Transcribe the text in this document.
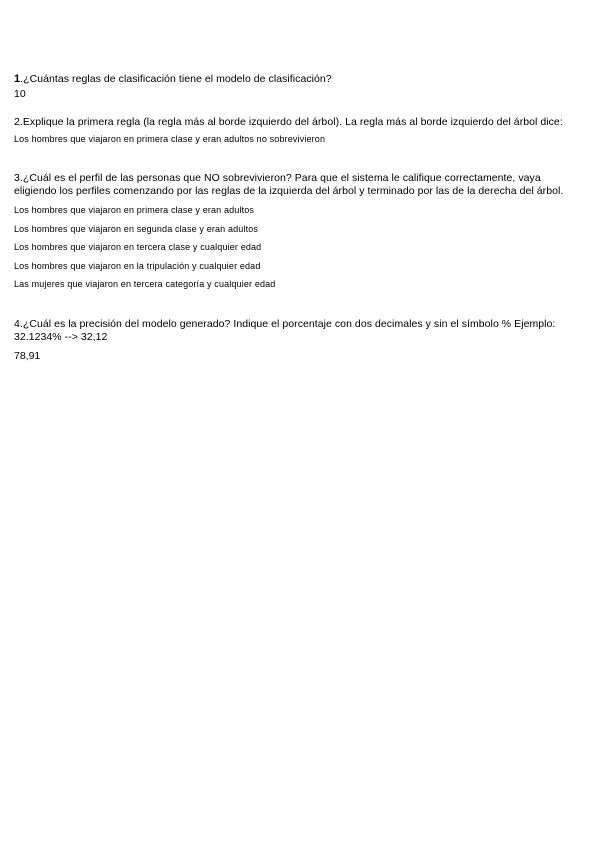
1.¿Cuántas reglas de clasificación tiene el modelo de clasificación?
10
2.Explique la primera regla (la regla más al borde izquierdo del árbol). La regla más al borde izquierdo del árbol dice:
Los hombres que viajaron en primera clase y eran adultos no sobrevivieron
3.¿Cuál es el perfil de las personas que NO sobrevivieron? Para que el sistema le califique correctamente, vaya eligiendo los perfiles comenzando por las reglas de la izquierda del árbol y terminado por las de la derecha del árbol.
Los hombres que viajaron en primera clase y eran adultos
Los hombres que viajaron en segunda clase y eran adultos
Los hombres que viajaron en tercera clase y cualquier edad
Los hombres que viajaron en la tripulación y cualquier edad
Las mujeres que viajaron en tercera categoría y cualquier edad
4.¿Cuál es la precisión del modelo generado? Indique el porcentaje con dos decimales y sin el símbolo % Ejemplo: 32.1234% --> 32,12
78,91
